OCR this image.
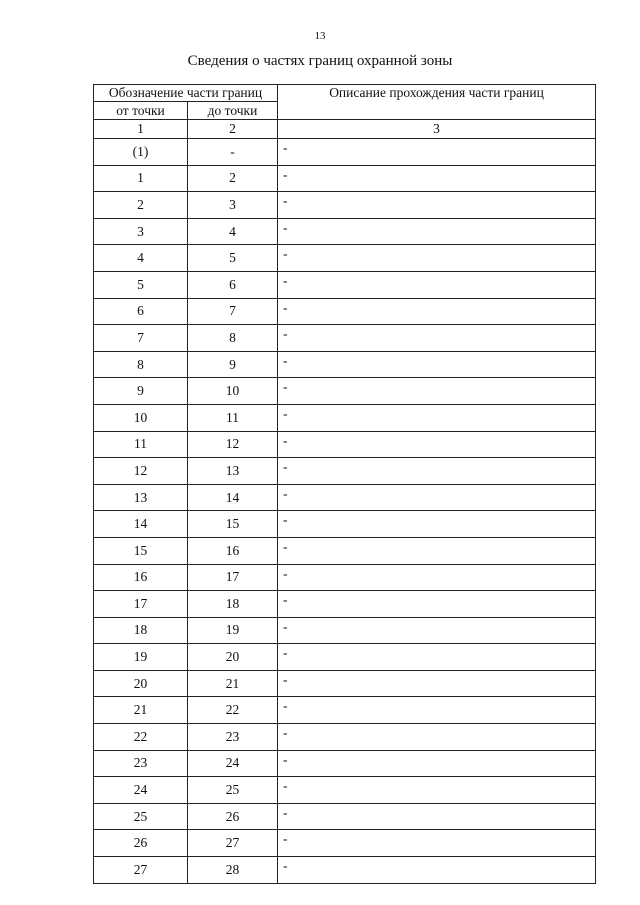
13
Сведения о частях границ охранной зоны
Обозначение части границ		Описание прохождения части границ
от точки	до точки	
1	2	3
(1)	-	-
1	2	-
2	3	-
3	4	-
4	5	-
5	6	-
6	7	-
7	8	-
8	9	-
9	10	-
10	11	-
11	12	-
12	13	-
13	14	-
14	15	-
15	16	-
16	17	-
17	18	-
18	19	-
19	20	-
20	21	-
21	22	-
22	23	-
23	24	-
24	25	-
25	26	-
26	27	-
27	28	-
